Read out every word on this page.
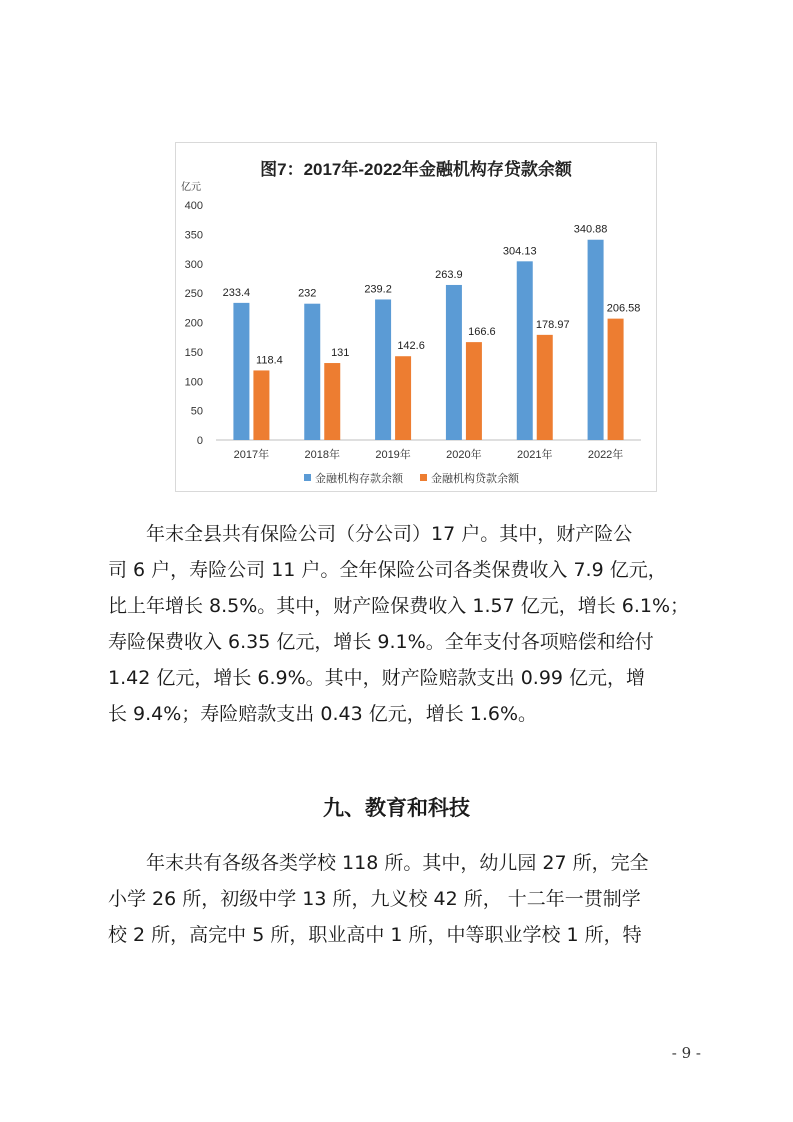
图7：2017年-2022年金融机构存贷款余额
亿元
0
50
100
150
200
250
300
350
400
233.4
118.4
2017年
232
131
2018年
239.2
142.6
2019年
263.9
166.6
2020年
304.13
178.97
2021年
340.88
206.58
2022年
金融机构存款余额	金融机构贷款余额
年末全县共有保险公司（分公司）17 户。其中，财产险公
司 6 户，寿险公司 11 户。全年保险公司各类保费收入 7.9 亿元，
比上年增长 8.5%。其中，财产险保费收入 1.57 亿元，增长 6.1%；
寿险保费收入 6.35 亿元，增长 9.1%。全年支付各项赔偿和给付
1.42 亿元，增长 6.9%。其中，财产险赔款支出 0.99 亿元，增
长 9.4%；寿险赔款支出 0.43 亿元，增长 1.6%。
九、教育和科技
年末共有各级各类学校 118 所。其中，幼儿园 27 所，完全
小学 26 所，初级中学 13 所，九义校 42 所， 十二年一贯制学
校 2 所，高完中 5 所，职业高中 1 所，中等职业学校 1 所，特
- 9 -
